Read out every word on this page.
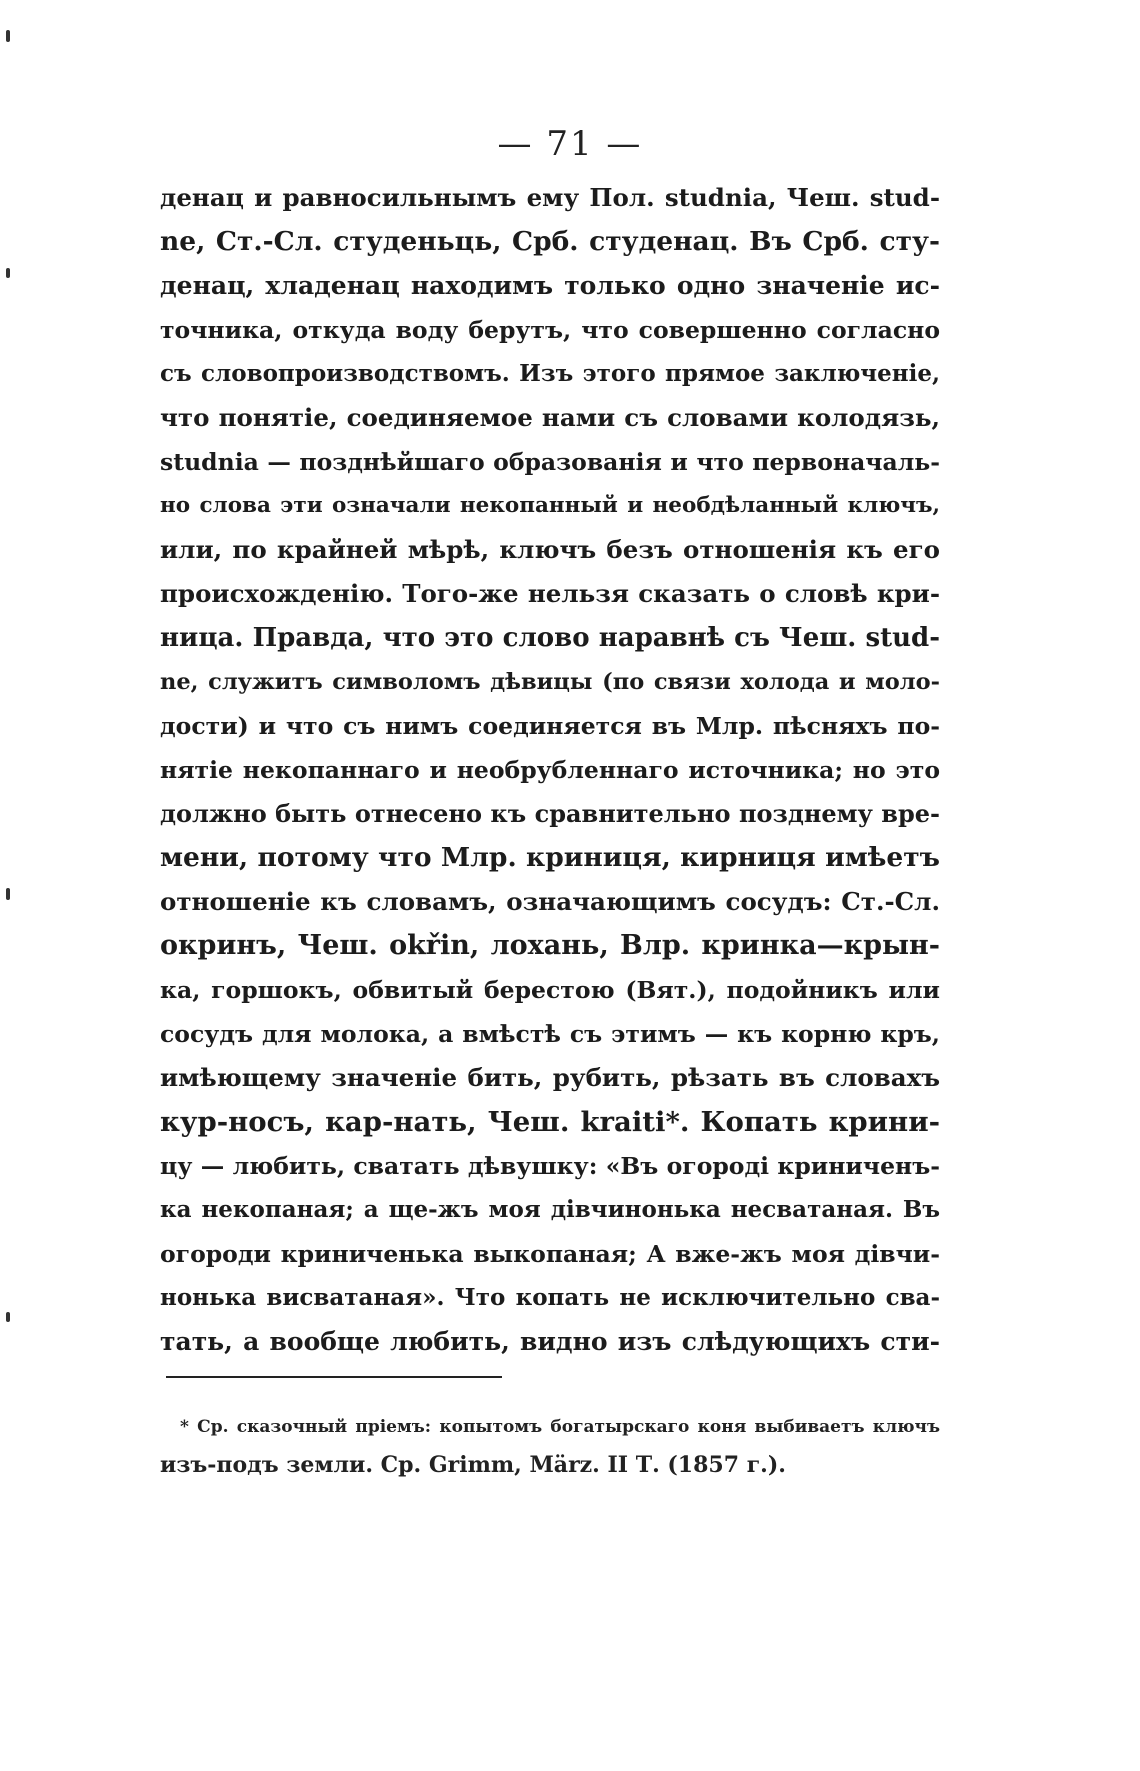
— 71 —
денац и равносильнымъ ему Пол. studnia, Чеш. stud-
ne, Ст.-Сл. студеньць, Срб. студенац. Въ Срб. сту-
денац, хладенац находимъ только одно значеніе ис-
точника, откуда воду берутъ, что совершенно согласно
съ словопроизводствомъ. Изъ этого прямое заключеніе,
что понятіе, соединяемое нами съ словами колодязь,
studnia — позднѣйшаго образованія и что первоначаль-
но слова эти означали некопанный и необдѣланный ключъ,
или, по крайней мѣрѣ, ключъ безъ отношенія къ его
происхожденію. Того-же нельзя сказать о словѣ кри-
ница. Правда, что это слово наравнѣ съ Чеш. stud-
ne, служитъ символомъ дѣвицы (по связи холода и моло-
дости) и что съ нимъ соединяется въ Млр. пѣсняхъ по-
нятіе некопаннаго и необрубленнаго источника; но это
должно быть отнесено къ сравнительно позднему вре-
мени, потому что Млр. криниця, кирниця имѣетъ
отношеніе къ словамъ, означающимъ сосудъ: Ст.-Сл.
окринъ, Чеш. okřin, лохань, Влр. кринка—крын-
ка, горшокъ, обвитый берестою (Вят.), подойникъ или
сосудъ для молока, а вмѣстѣ съ этимъ — къ корню кръ,
имѣющему значеніе бить, рубить, рѣзать въ словахъ
кур-носъ, кар-нать, Чеш. kraiti*. Копать крини-
цу — любить, сватать дѣвушку: «Въ огороді криниченъ-
ка некопаная; а ще-жъ моя дівчинонька несватаная. Въ
огороди криниченька выкопаная; А вже-жъ моя дівчи-
нонька висватаная». Что копать не исключительно сва-
тать, а вообще любить, видно изъ слѣдующихъ сти-
* Ср. сказочный пріемъ: копытомъ богатырскаго коня выбиваетъ ключъ
изъ-подъ земли. Ср. Grimm, März. II Т. (1857 г.).
